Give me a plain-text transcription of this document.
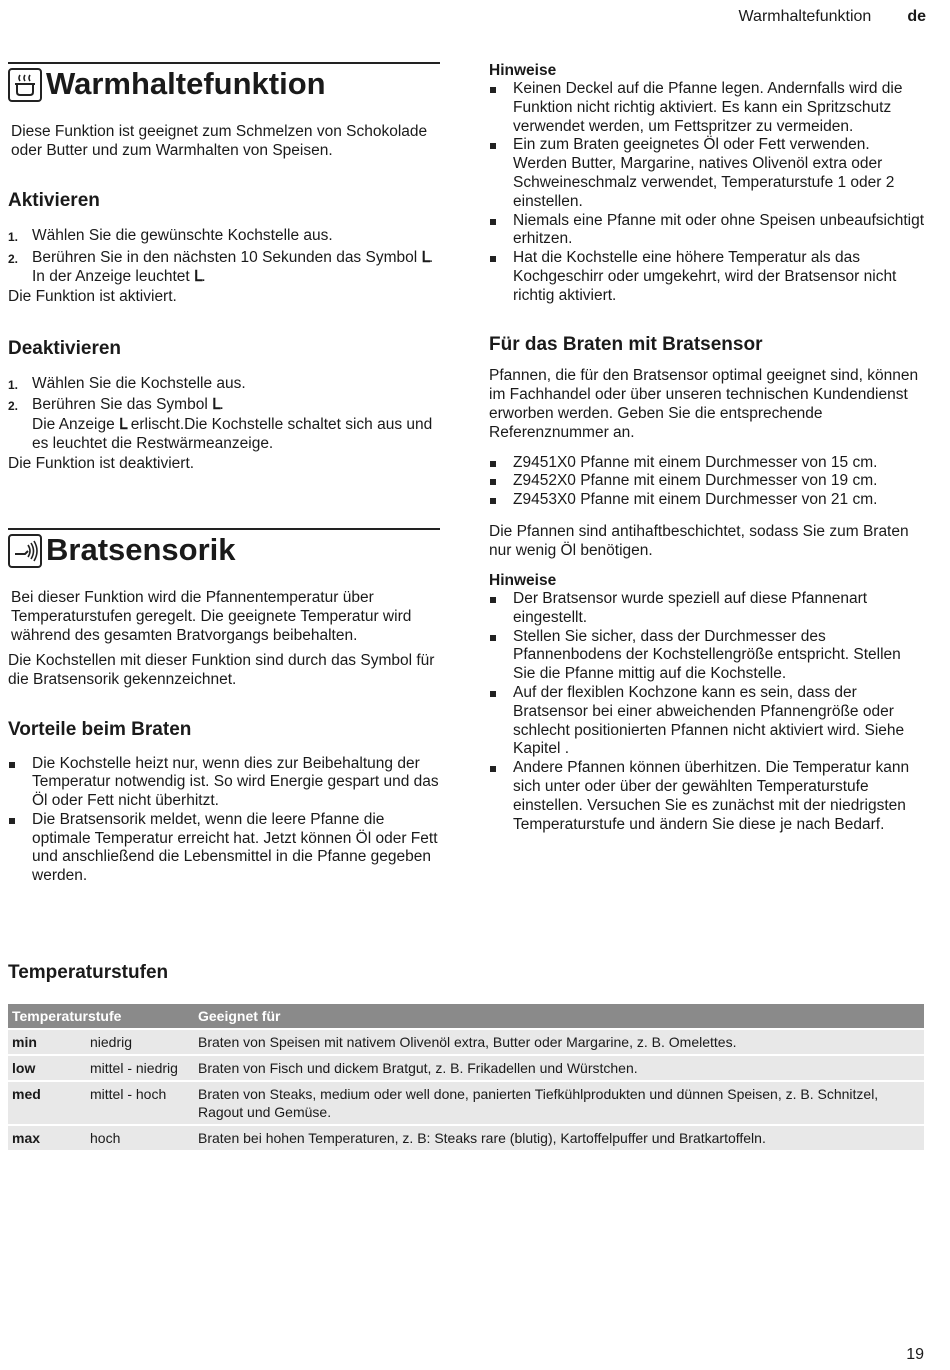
Warmhaltefunktion de
Warmhaltefunktion

Diese Funktion ist geeignet zum Schmelzen von Schokolade oder Butter und zum Warmhalten von Speisen.

Aktivieren
1. Wählen Sie die gewünschte Kochstelle aus.
2. Berühren Sie in den nächsten 10 Sekunden das Symbol ᒪ.
In der Anzeige leuchtet ᒪ.

Die Funktion ist aktiviert.

Deaktivieren
1. Wählen Sie die Kochstelle aus.
2. Berühren Sie das Symbol ᒪ.
Die Anzeige ᒪ erlischt.Die Kochstelle schaltet sich aus und es leuchtet die Restwärmeanzeige.

Die Funktion ist deaktiviert.

Bratsensorik

Bei dieser Funktion wird die Pfannentemperatur über Temperaturstufen geregelt. Die geeignete Temperatur wird während des gesamten Bratvorgangs beibehalten.

Die Kochstellen mit dieser Funktion sind durch das Symbol für die Bratsensorik gekennzeichnet.

Vorteile beim Braten
Die Kochstelle heizt nur, wenn dies zur Beibehaltung der Temperatur notwendig ist. So wird Energie gespart und das Öl oder Fett nicht überhitzt.
Die Bratsensorik meldet, wenn die leere Pfanne die optimale Temperatur erreicht hat. Jetzt können Öl oder Fett und anschließend die Lebensmittel in die Pfanne gegeben werden.
Hinweise
Keinen Deckel auf die Pfanne legen. Andernfalls wird die Funktion nicht richtig aktiviert. Es kann ein Spritzschutz verwendet werden, um Fettspritzer zu vermeiden.
Ein zum Braten geeignetes Öl oder Fett verwenden. Werden Butter, Margarine, natives Olivenöl extra oder Schweineschmalz verwendet, Temperaturstufe 1 oder 2 einstellen.
Niemals eine Pfanne mit oder ohne Speisen unbeaufsichtigt erhitzen.
Hat die Kochstelle eine höhere Temperatur als das Kochgeschirr oder umgekehrt, wird der Bratsensor nicht richtig aktiviert.
Für das Braten mit Bratsensor

Pfannen, die für den Bratsensor optimal geeignet sind, können im Fachhandel oder über unseren technischen Kundendienst erworben werden. Geben Sie die entsprechende Referenznummer an.

Z9451X0 Pfanne mit einem Durchmesser von 15 cm.
Z9452X0 Pfanne mit einem Durchmesser von 19 cm.
Z9453X0 Pfanne mit einem Durchmesser von 21 cm.

Die Pfannen sind antihaftbeschichtet, sodass Sie zum Braten nur wenig Öl benötigen.

Hinweise
Der Bratsensor wurde speziell auf diese Pfannenart eingestellt.
Stellen Sie sicher, dass der Durchmesser des Pfannenbodens der Kochstellengröße entspricht. Stellen Sie die Pfanne mittig auf die Kochstelle.
Auf der flexiblen Kochzone kann es sein, dass der Bratsensor bei einer abweichenden Pfannengröße oder schlecht positionierten Pfannen nicht aktiviert wird. Siehe Kapitel .
Andere Pfannen können überhitzen. Die Temperatur kann sich unter oder über der gewählten Temperaturstufe einstellen. Versuchen Sie es zunächst mit der niedrigsten Temperaturstufe und ändern Sie diese je nach Bedarf.
Temperaturstufen
Temperaturstufe		Geeignet für
min	niedrig	Braten von Speisen mit nativem Olivenöl extra, Butter oder Margarine, z. B. Omelettes.
low	mittel - niedrig	Braten von Fisch und dickem Bratgut, z. B. Frikadellen und Würstchen.
med	mittel - hoch	Braten von Steaks, medium oder well done, panierten Tiefkühlprodukten und dünnen Speisen, z. B. Schnitzel, Ragout und Gemüse.
max	hoch	Braten bei hohen Temperaturen, z. B: Steaks rare (blutig), Kartoffelpuffer und Bratkartoffeln.
19
